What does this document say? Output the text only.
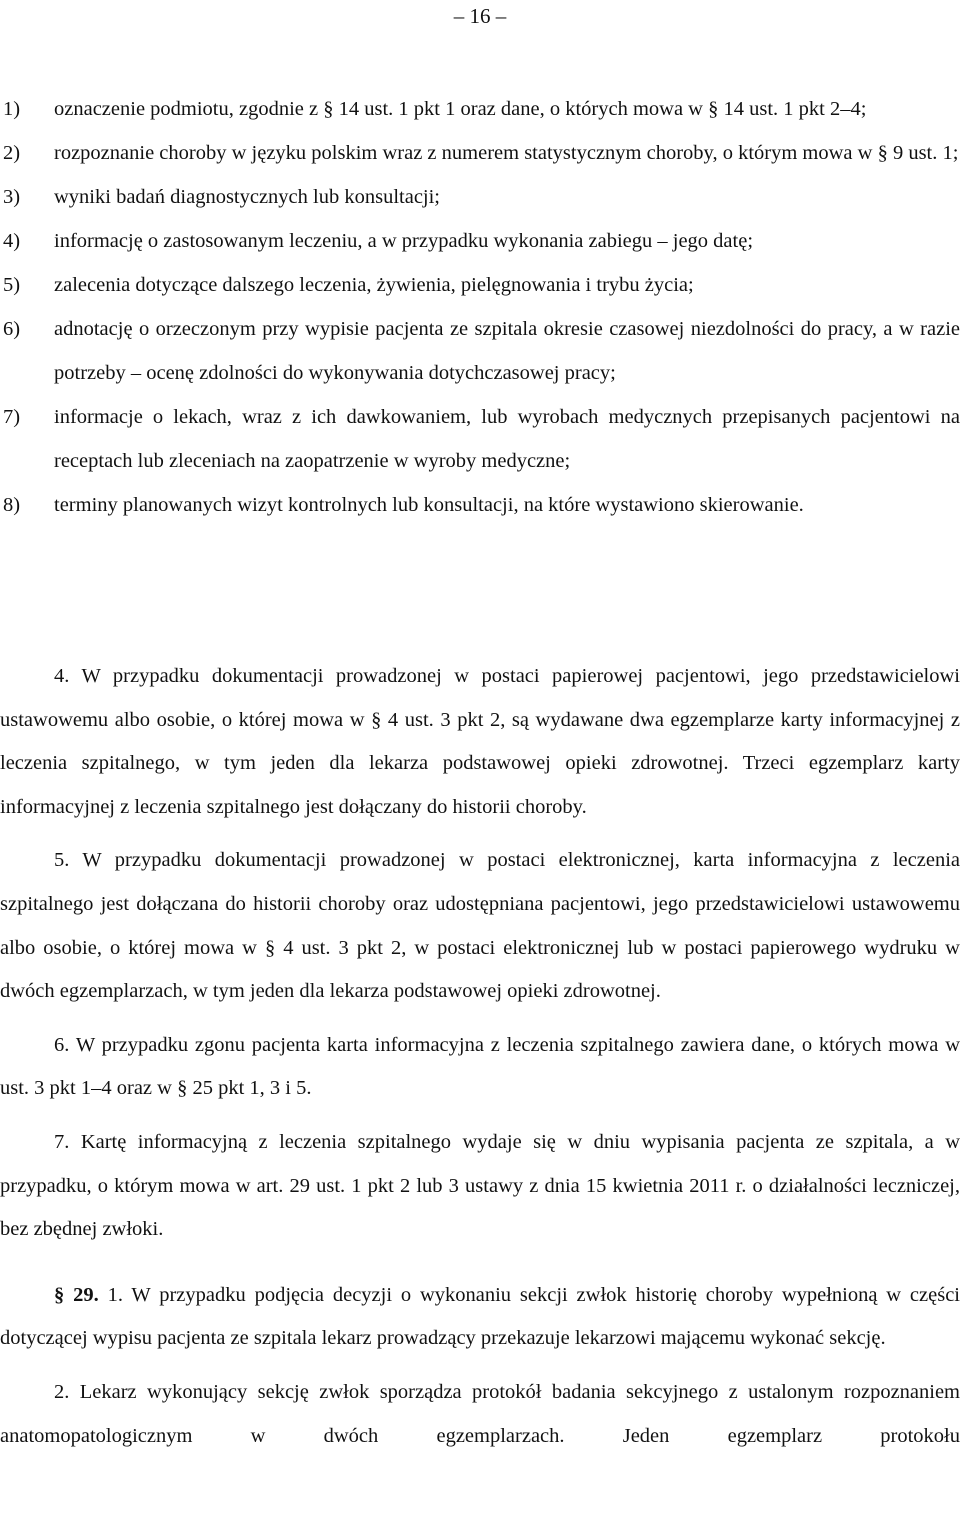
– 16 –
1) oznaczenie podmiotu, zgodnie z § 14 ust. 1 pkt 1 oraz dane, o których mowa w § 14 ust. 1 pkt 2–4;
2) rozpoznanie choroby w języku polskim wraz z numerem statystycznym choroby, o którym mowa w § 9 ust. 1;
3) wyniki badań diagnostycznych lub konsultacji;
4) informację o zastosowanym leczeniu, a w przypadku wykonania zabiegu – jego datę;
5) zalecenia dotyczące dalszego leczenia, żywienia, pielęgnowania i trybu życia;
6) adnotację o orzeczonym przy wypisie pacjenta ze szpitala okresie czasowej niezdolności do pracy, a w razie potrzeby – ocenę zdolności do wykonywania dotychczasowej pracy;
7) informacje o lekach, wraz z ich dawkowaniem, lub wyrobach medycznych przepisanych pacjentowi na receptach lub zleceniach na zaopatrzenie w wyroby medyczne;
8) terminy planowanych wizyt kontrolnych lub konsultacji, na które wystawiono skierowanie.

4. W przypadku dokumentacji prowadzonej w postaci papierowej pacjentowi, jego przedstawicielowi ustawowemu albo osobie, o której mowa w § 4 ust. 3 pkt 2, są wydawane dwa egzemplarze karty informacyjnej z leczenia szpitalnego, w tym jeden dla lekarza podstawowej opieki zdrowotnej. Trzeci egzemplarz karty informacyjnej z leczenia szpitalnego jest dołączany do historii choroby.

5. W przypadku dokumentacji prowadzonej w postaci elektronicznej, karta informacyjna z leczenia szpitalnego jest dołączana do historii choroby oraz udostępniana pacjentowi, jego przedstawicielowi ustawowemu albo osobie, o której mowa w § 4 ust. 3 pkt 2, w postaci elektronicznej lub w postaci papierowego wydruku w dwóch egzemplarzach, w tym jeden dla lekarza podstawowej opieki zdrowotnej.

6. W przypadku zgonu pacjenta karta informacyjna z leczenia szpitalnego zawiera dane, o których mowa w ust. 3 pkt 1–4 oraz w § 25 pkt 1, 3 i 5.

7. Kartę informacyjną z leczenia szpitalnego wydaje się w dniu wypisania pacjenta ze szpitala, a w przypadku, o którym mowa w art. 29 ust. 1 pkt 2 lub 3 ustawy z dnia 15 kwietnia 2011 r. o działalności leczniczej, bez zbędnej zwłoki.

§ 29. 1. W przypadku podjęcia decyzji o wykonaniu sekcji zwłok historię choroby wypełnioną w części dotyczącej wypisu pacjenta ze szpitala lekarz prowadzący przekazuje lekarzowi mającemu wykonać sekcję.

2. Lekarz wykonujący sekcję zwłok sporządza protokół badania sekcyjnego z ustalonym rozpoznaniem anatomopatologicznym w dwóch egzemplarzach. Jeden egzemplarz protokołu
